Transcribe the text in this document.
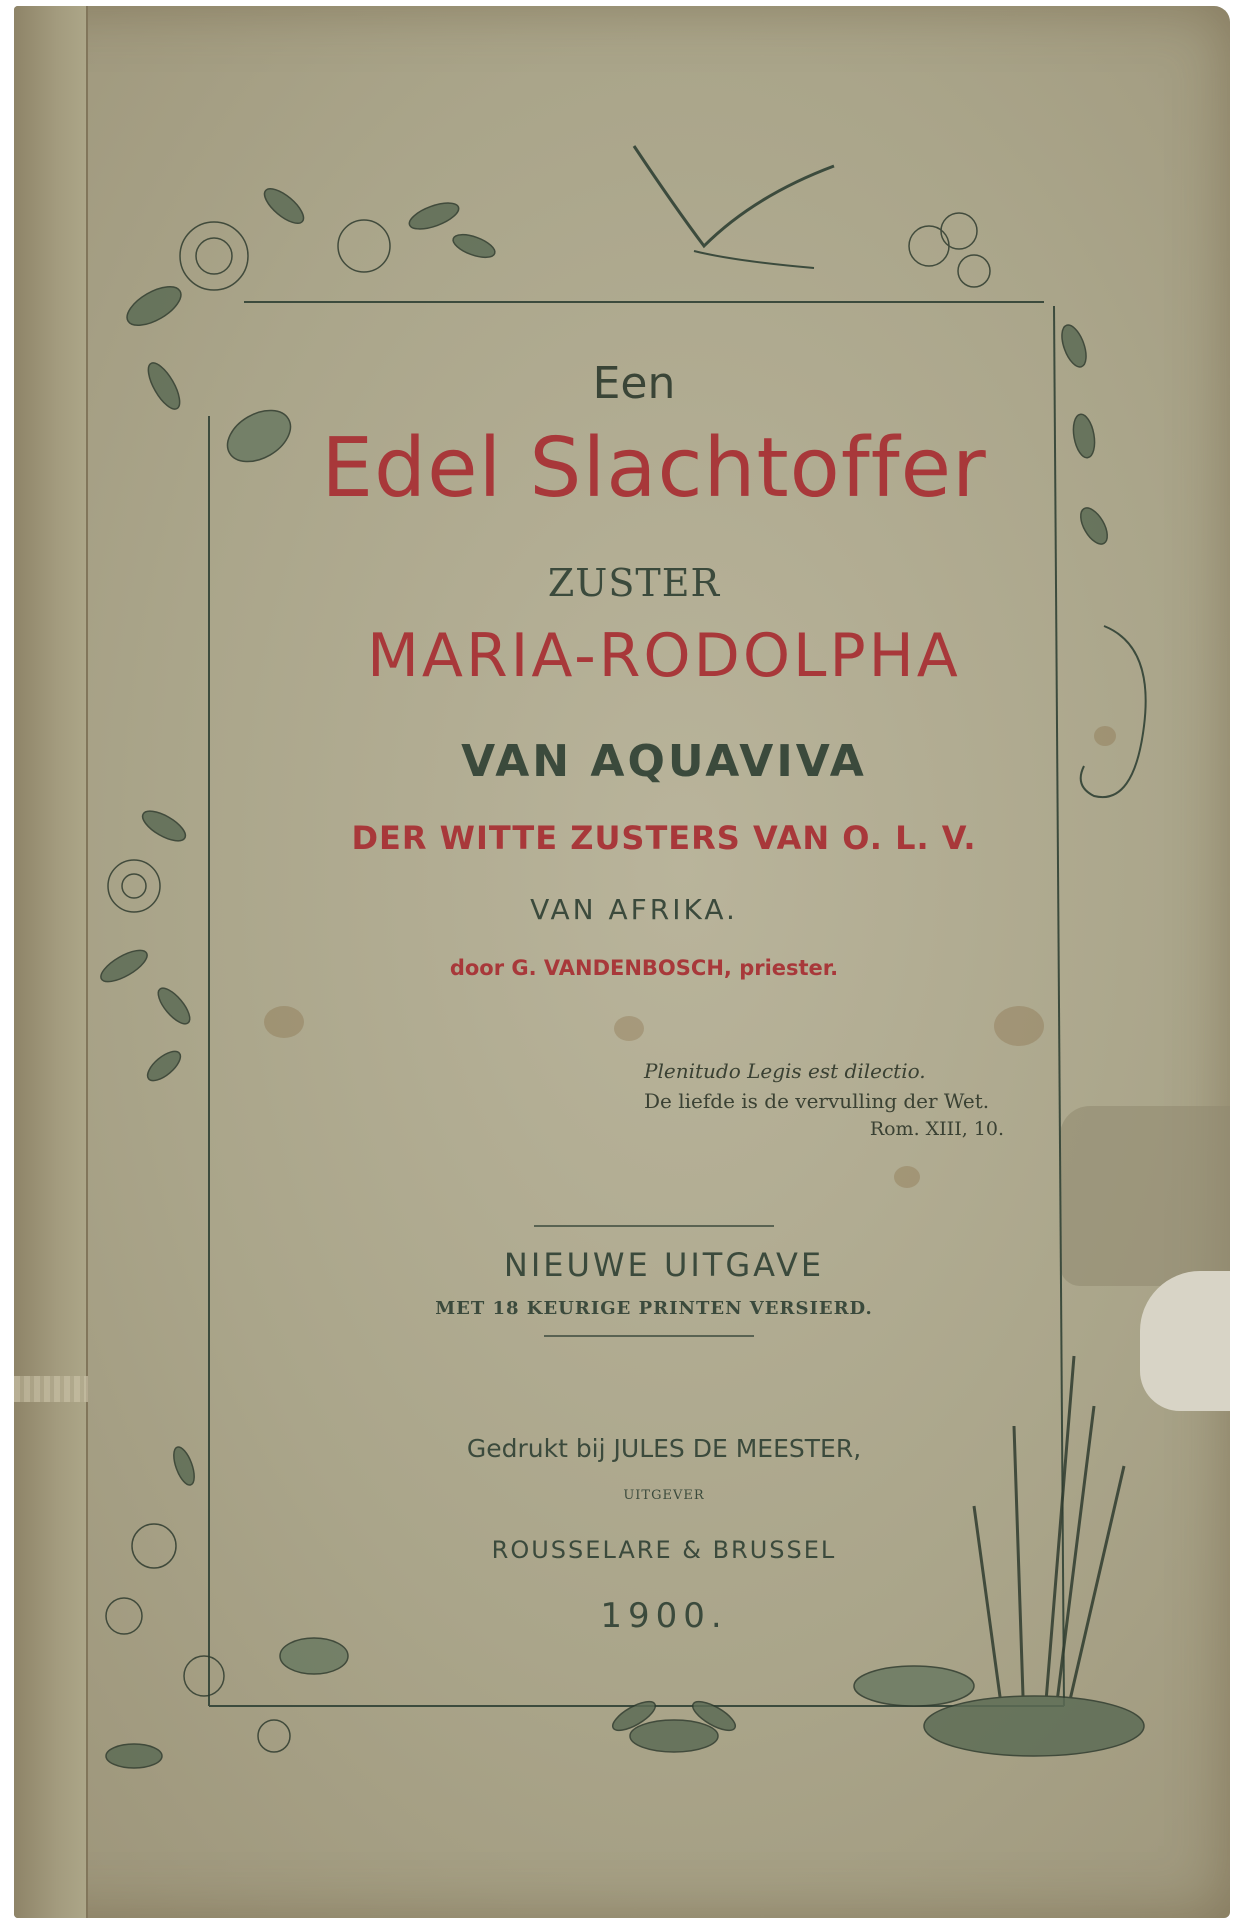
Een
Edel Slachtoffer
ZUSTER
MARIA-RODOLPHA
VAN AQUAVIVA
DER WITTE ZUSTERS VAN O. L. V.
VAN AFRIKA.
door G. VANDENBOSCH, priester.
Plenitudo Legis est dilectio.
De liefde is de vervulling der Wet.
Rom. XIII, 10.
NIEUWE UITGAVE
MET 18 KEURIGE PRINTEN VERSIERD.
Gedrukt bij JULES DE MEESTER,
UITGEVER
ROUSSELARE & BRUSSEL
1900.
